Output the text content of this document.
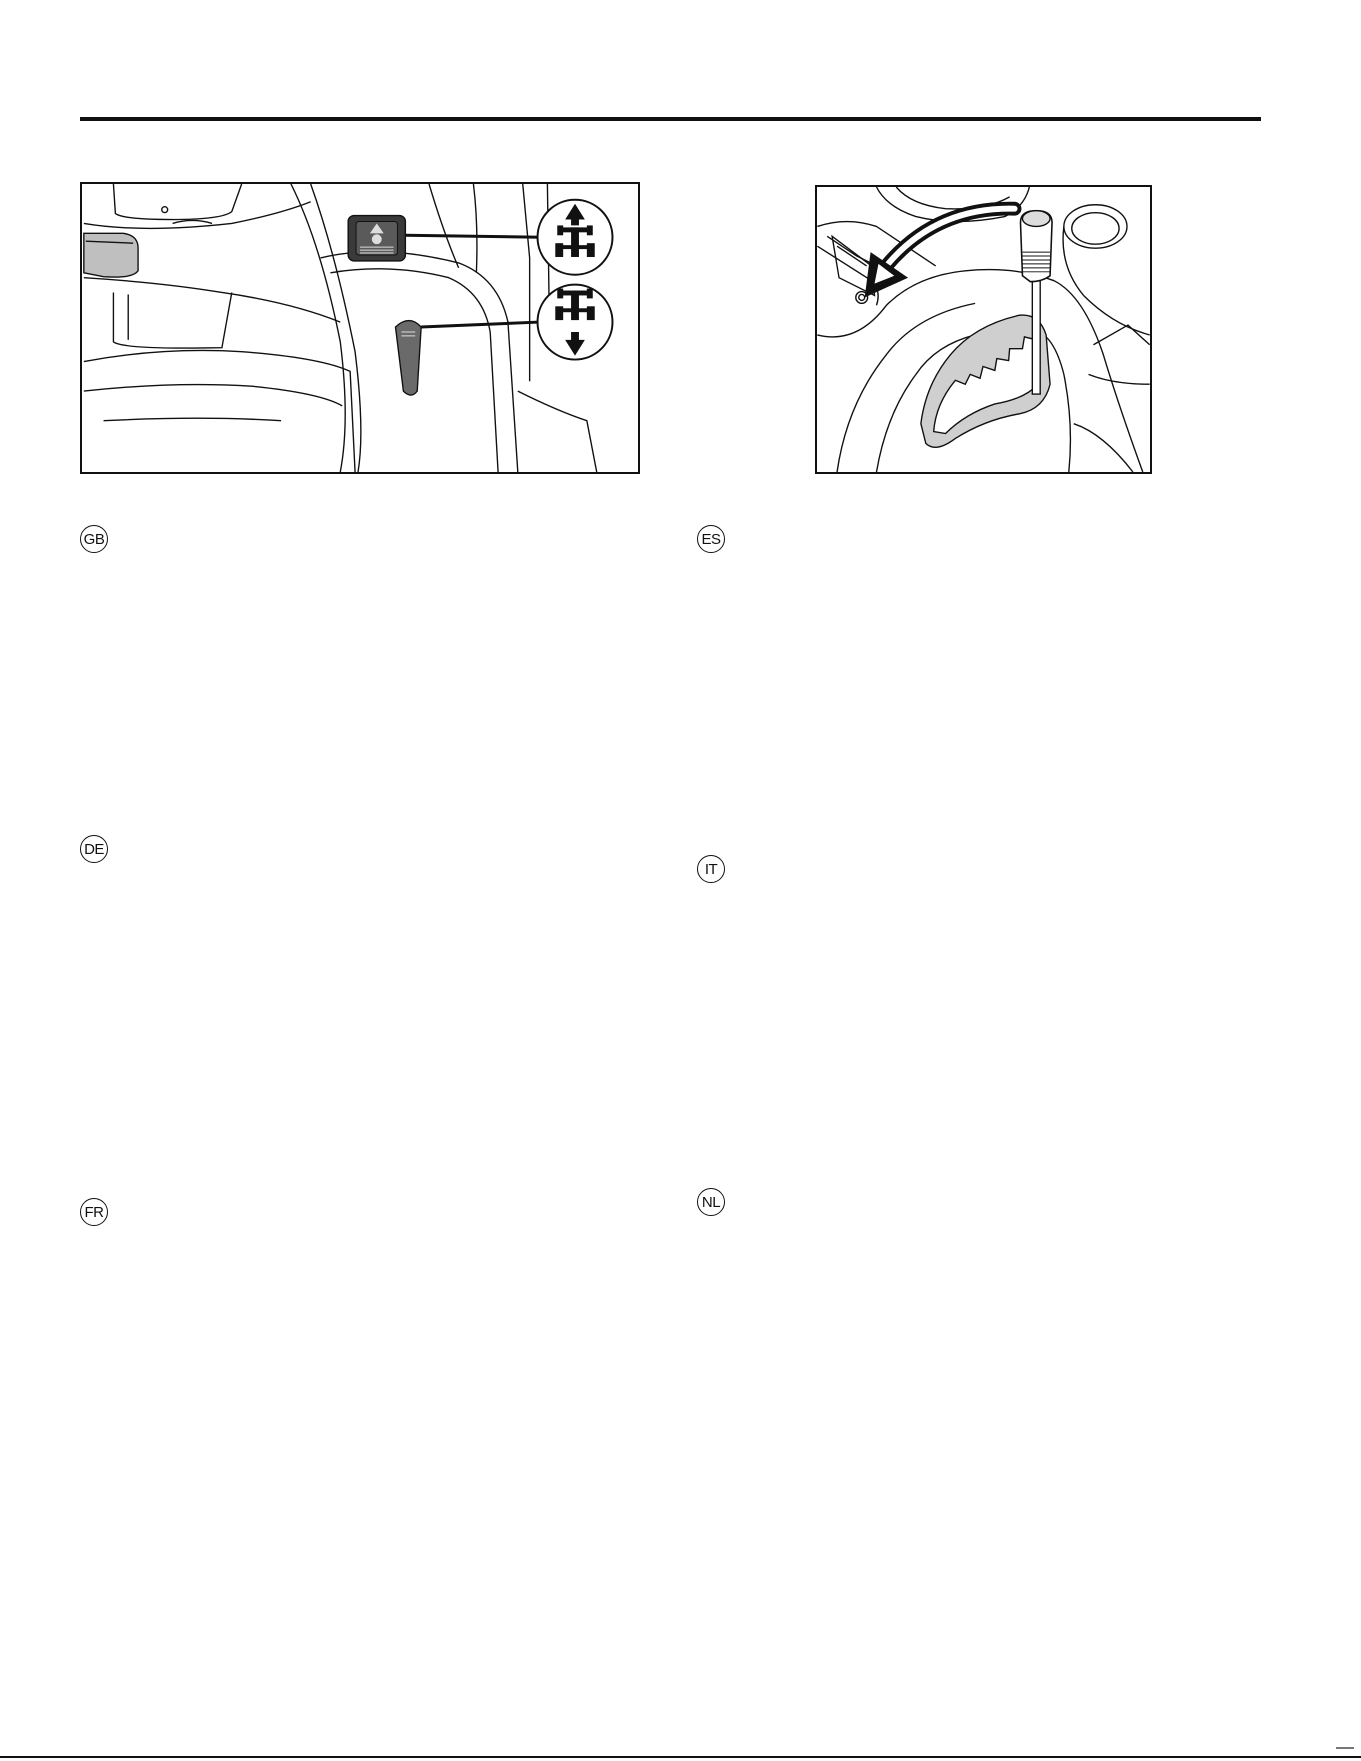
GB
DE
FR
ES
IT
NL
